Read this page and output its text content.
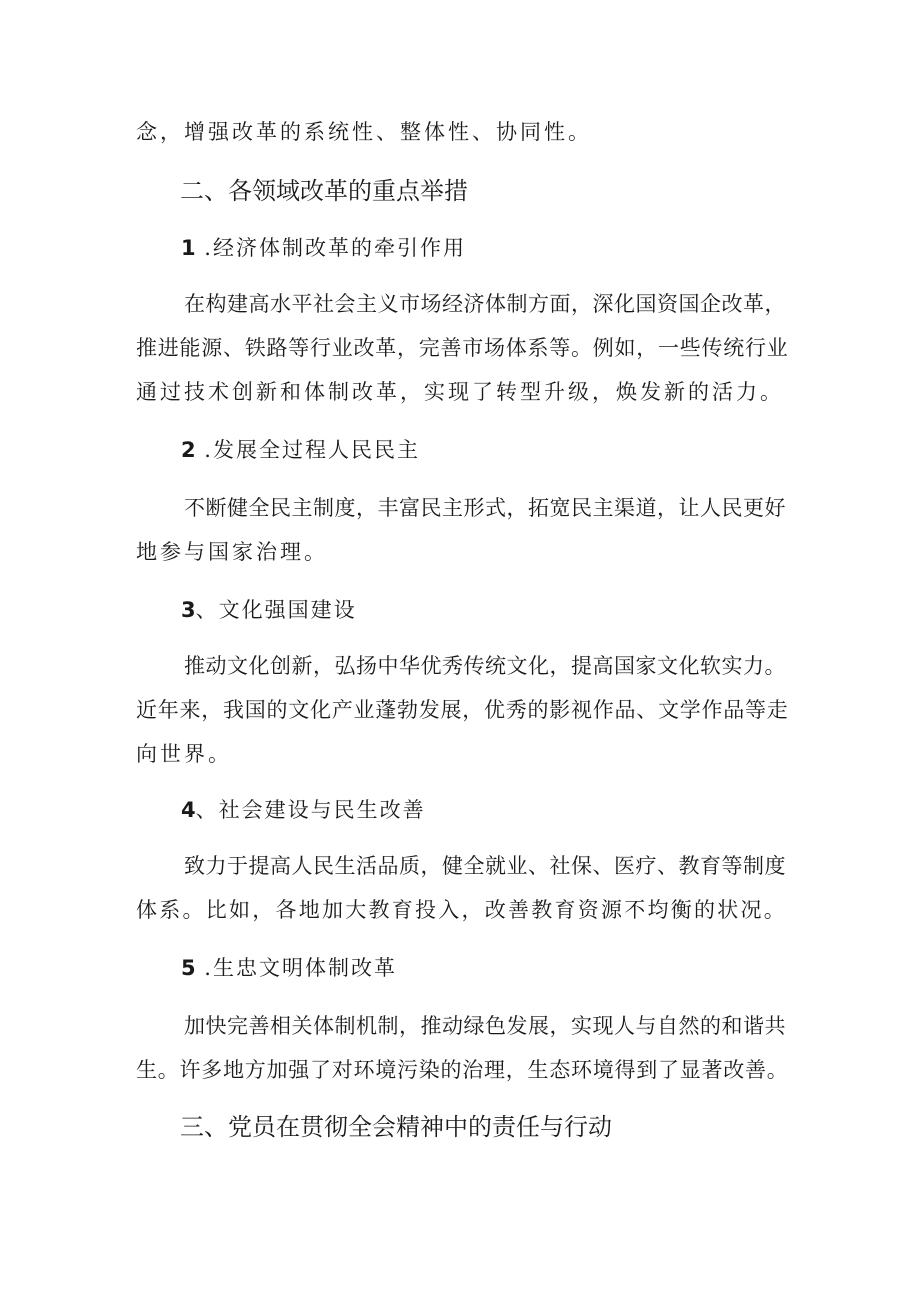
念，增强改革的系统性、整体性、协同性。
二、各领域改革的重点举措
1 .经济体制改革的牵引作用
在构建高水平社会主义市场经济体制方面，深化国资国企改革，
推进能源、铁路等行业改革，完善市场体系等。例如，一些传统行业
通过技术创新和体制改革，实现了转型升级，焕发新的活力。
2 .发展全过程人民民主
不断健全民主制度，丰富民主形式，拓宽民主渠道，让人民更好
地参与国家治理。
3、文化强国建设
推动文化创新，弘扬中华优秀传统文化，提高国家文化软实力。
近年来，我国的文化产业蓬勃发展，优秀的影视作品、文学作品等走
向世界。
4、社会建设与民生改善
致力于提高人民生活品质，健全就业、社保、医疗、教育等制度
体系。比如，各地加大教育投入，改善教育资源不均衡的状况。
5 .生忠文明体制改革
加快完善相关体制机制，推动绿色发展，实现人与自然的和谐共
生。许多地方加强了对环境污染的治理，生态环境得到了显著改善。
三、党员在贯彻全会精神中的责任与行动
